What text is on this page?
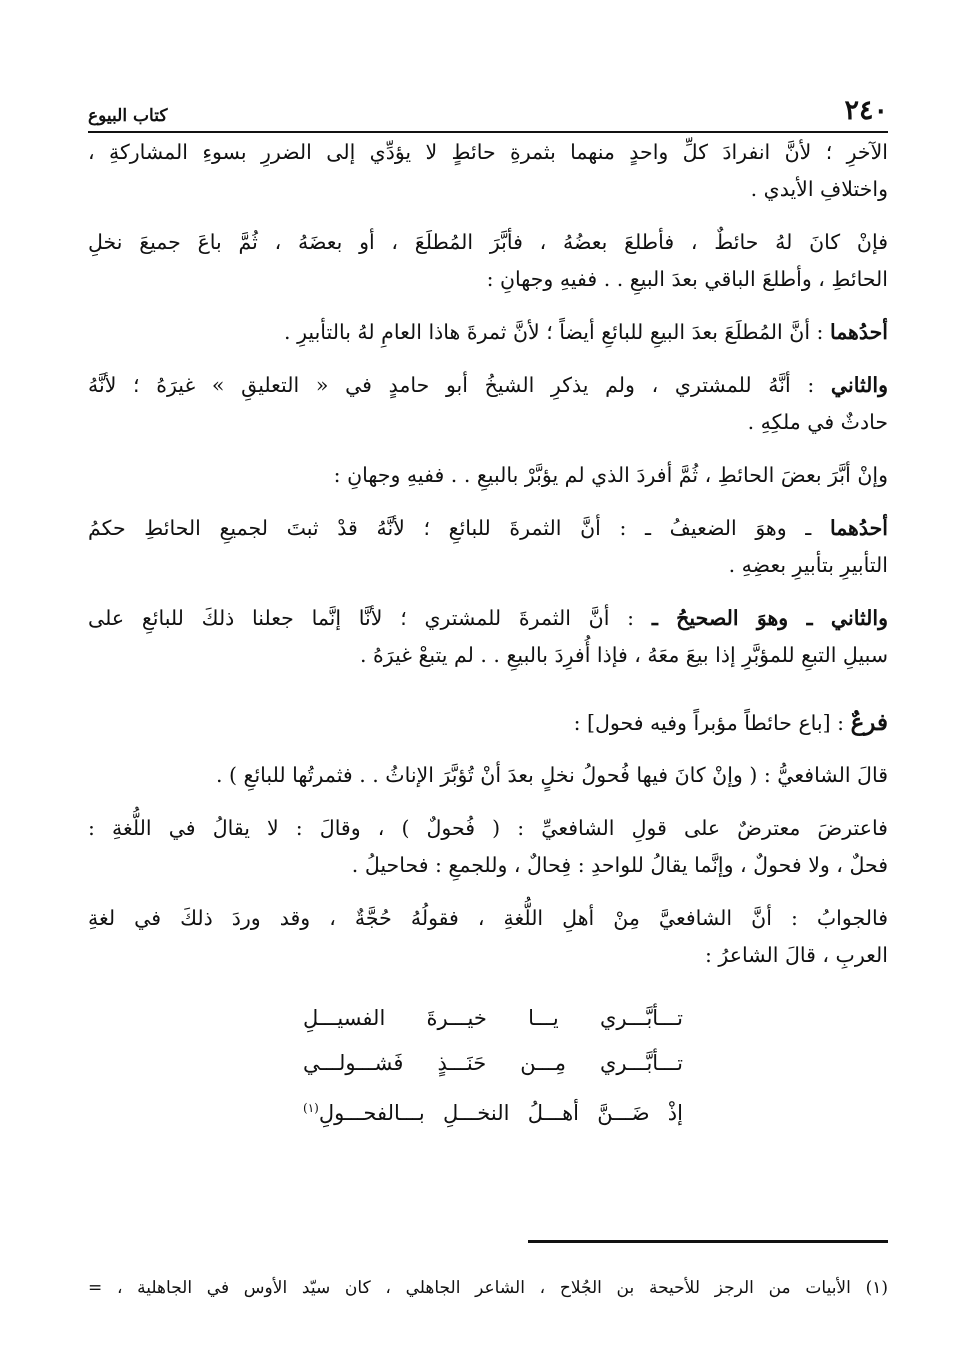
٢٤٠
كتاب البيوع
الآخرِ ؛ لأنَّ انفرادَ كلِّ واحدٍ منهما بثمرةِ حائطٍ لا يؤدِّي إلى الضررِ بسوءِ المشاركةِ ،
واختلافِ الأيدي .
فإنْ كانَ لهُ حائطٌ ، فأطلعَ بعضُهُ ، فأبَّرَ المُطلَعَ ، أو بعضَهُ ، ثُمَّ باعَ جميعَ نخلِ
الحائطِ ، وأطلعَ الباقي بعدَ البيعِ . . ففيهِ وجهانِ :
أحدُهما : أنَّ المُطلَعَ بعدَ البيعِ للبائعِ أيضاً ؛ لأنَّ ثمرةَ هاذا العامِ لهُ بالتأبيرِ .
والثاني : أنَّهُ للمشتري ، ولم يذكرِ الشيخُ أبو حامدٍ في « التعليقِ » غيرَهُ ؛ لأنَّهُ
حادثٌ في ملكِهِ .
وإنْ أبَّرَ بعضَ الحائطِ ، ثُمَّ أفردَ الذي لم يؤبَّرْ بالبيعِ . . ففيهِ وجهانِ :
أحدُهما ـ وهوَ الضعيفُ ـ : أنَّ الثمرةَ للبائعِ ؛ لأنَّهُ قدْ ثبتَ لجميعِ الحائطِ حكمُ
التأبيرِ بتأبيرِ بعضِهِ .
والثاني ـ وهوَ الصحيحُ ـ : أنَّ الثمرةَ للمشتري ؛ لأنَّا إنَّما جعلنا ذلكَ للبائعِ على
سبيلِ التبعِ للمؤبَّرِ إذا بيعَ معَهُ ، فإذا أُفرِدَ بالبيعِ . . لم يتبعْ غيرَهُ .
فرعٌ : [باع حائطاً مؤبراً وفيه فحول] :
قالَ الشافعيُّ : ( وإنْ كانَ فيها فُحولُ نخلٍ بعدَ أنْ تُؤبَّرَ الإناثُ . . فثمرتُها للبائعِ ) .
فاعترضَ معترضٌ على قولِ الشافعيِّ : ( فُحولٌ ) ، وقالَ : لا يقالُ في اللُّغةِ :
فحلٌ ، ولا فحولٌ ، وإنَّما يقالُ للواحدِ : فِحالٌ ، وللجمعِ : فحاحيلُ .
فالجوابُ : أنَّ الشافعيَّ مِنْ أهلِ اللُّغةِ ، فقولُهُ حُجَّةٌ ، وقد وردَ ذلكَ في لغةِ
العربِ ، قالَ الشاعرُ :
تـــأبَّـــري يـــا خيـــرةَ الفسيـــلِ
تـــأبَّـــري مِـــن حَنَـــذٍ فَشـــولـــي
إذْ ضَـــنَّ أهـــلُ النخـــلِ بـــالفحـــولِ$^{(١)}$
(١) الأبيات من الرجز للأحيحة بن الجُلاح ، الشاعر الجاهلي ، كان سيّد الأوس في الجاهلية ، =
